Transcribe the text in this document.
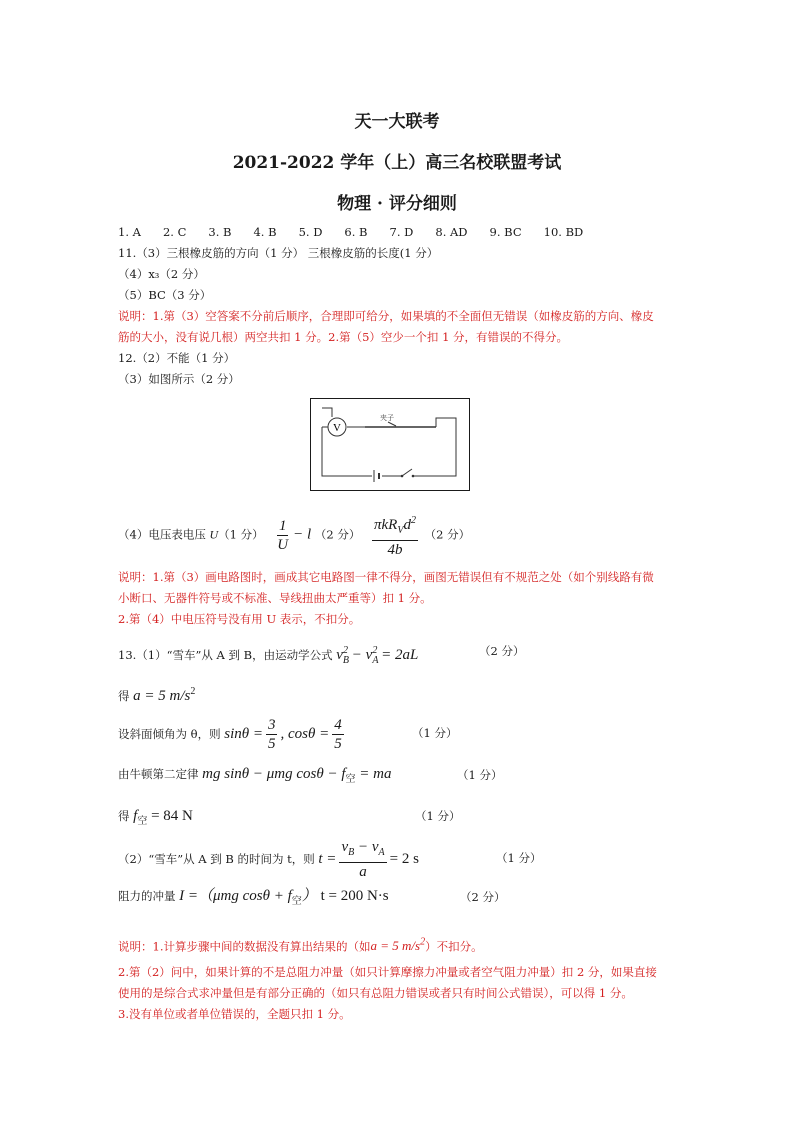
天一大联考
2021-2022 学年（上）高三名校联盟考试
物理 · 评分细则
1. A 2. C 3. B 4. B 5. D 6. B 7. D 8. AD 9. BC 10. BD
11.（3）三根橡皮筋的方向（1 分） 三根橡皮筋的长度(1 分）
（4）x₃（2 分）
（5）BC（3 分）
说明：1.第（3）空答案不分前后顺序，合理即可给分，如果填的不全面但无错误（如橡皮筋的方向、橡皮
筋的大小，没有说几根）两空共扣 1 分。2.第（5）空少一个扣 1 分，有错误的不得分。
12.（2）不能（1 分）
（3）如图所示（2 分）
V
夹子
（4）电压表电压 U（1 分） $\frac{1}{U} - l$ （2 分） $\frac{\pi kR_Vd^2}{4b} (2$ 分）
说明：1.第（3）画电路图时，画成其它电路图一律不得分，画图无错误但有不规范之处（如个别线路有微
小断口、无器件符号或不标准、导线扭曲太严重等）扣 1 分。
2.第（4）中电压符号没有用 U 表示，不扣分。
13.（1）“雪车”从 A 到 B，由运动学公式 $v_B^2 - v_A^2 = 2aL$	（2 分）
得 a = 5 $m/s^2$
设斜面倾角为 θ，则 $\sin\theta = \frac{3}{5}$ , $\cos\theta = \frac{4}{5}$	（1 分）
由牛顿第二定律 mg sinθ − μmg $\cos\theta - f_空$ = ma	（1 分）
得 $f_空 = 84$ N	（1 分）
（2）“雪车”从 A 到 B 的时间为 t，则 $t = \frac{v_B - v_A}{a} = 2$ s	（1 分）
阻力的冲量 I =（μmg $\cos\theta + f_空$） t = 200 N·s	（2 分）
说明：1.计算步骤中间的数据没有算出结果的（如a = 5 $m/s^2$）不扣分。
2.第（2）问中，如果计算的不是总阻力冲量（如只计算摩擦力冲量或者空气阻力冲量）扣 2 分，如果直接
使用的是综合式求冲量但是有部分正确的（如只有总阻力错误或者只有时间公式错误），可以得 1 分。
3.没有单位或者单位错误的，全题只扣 1 分。
